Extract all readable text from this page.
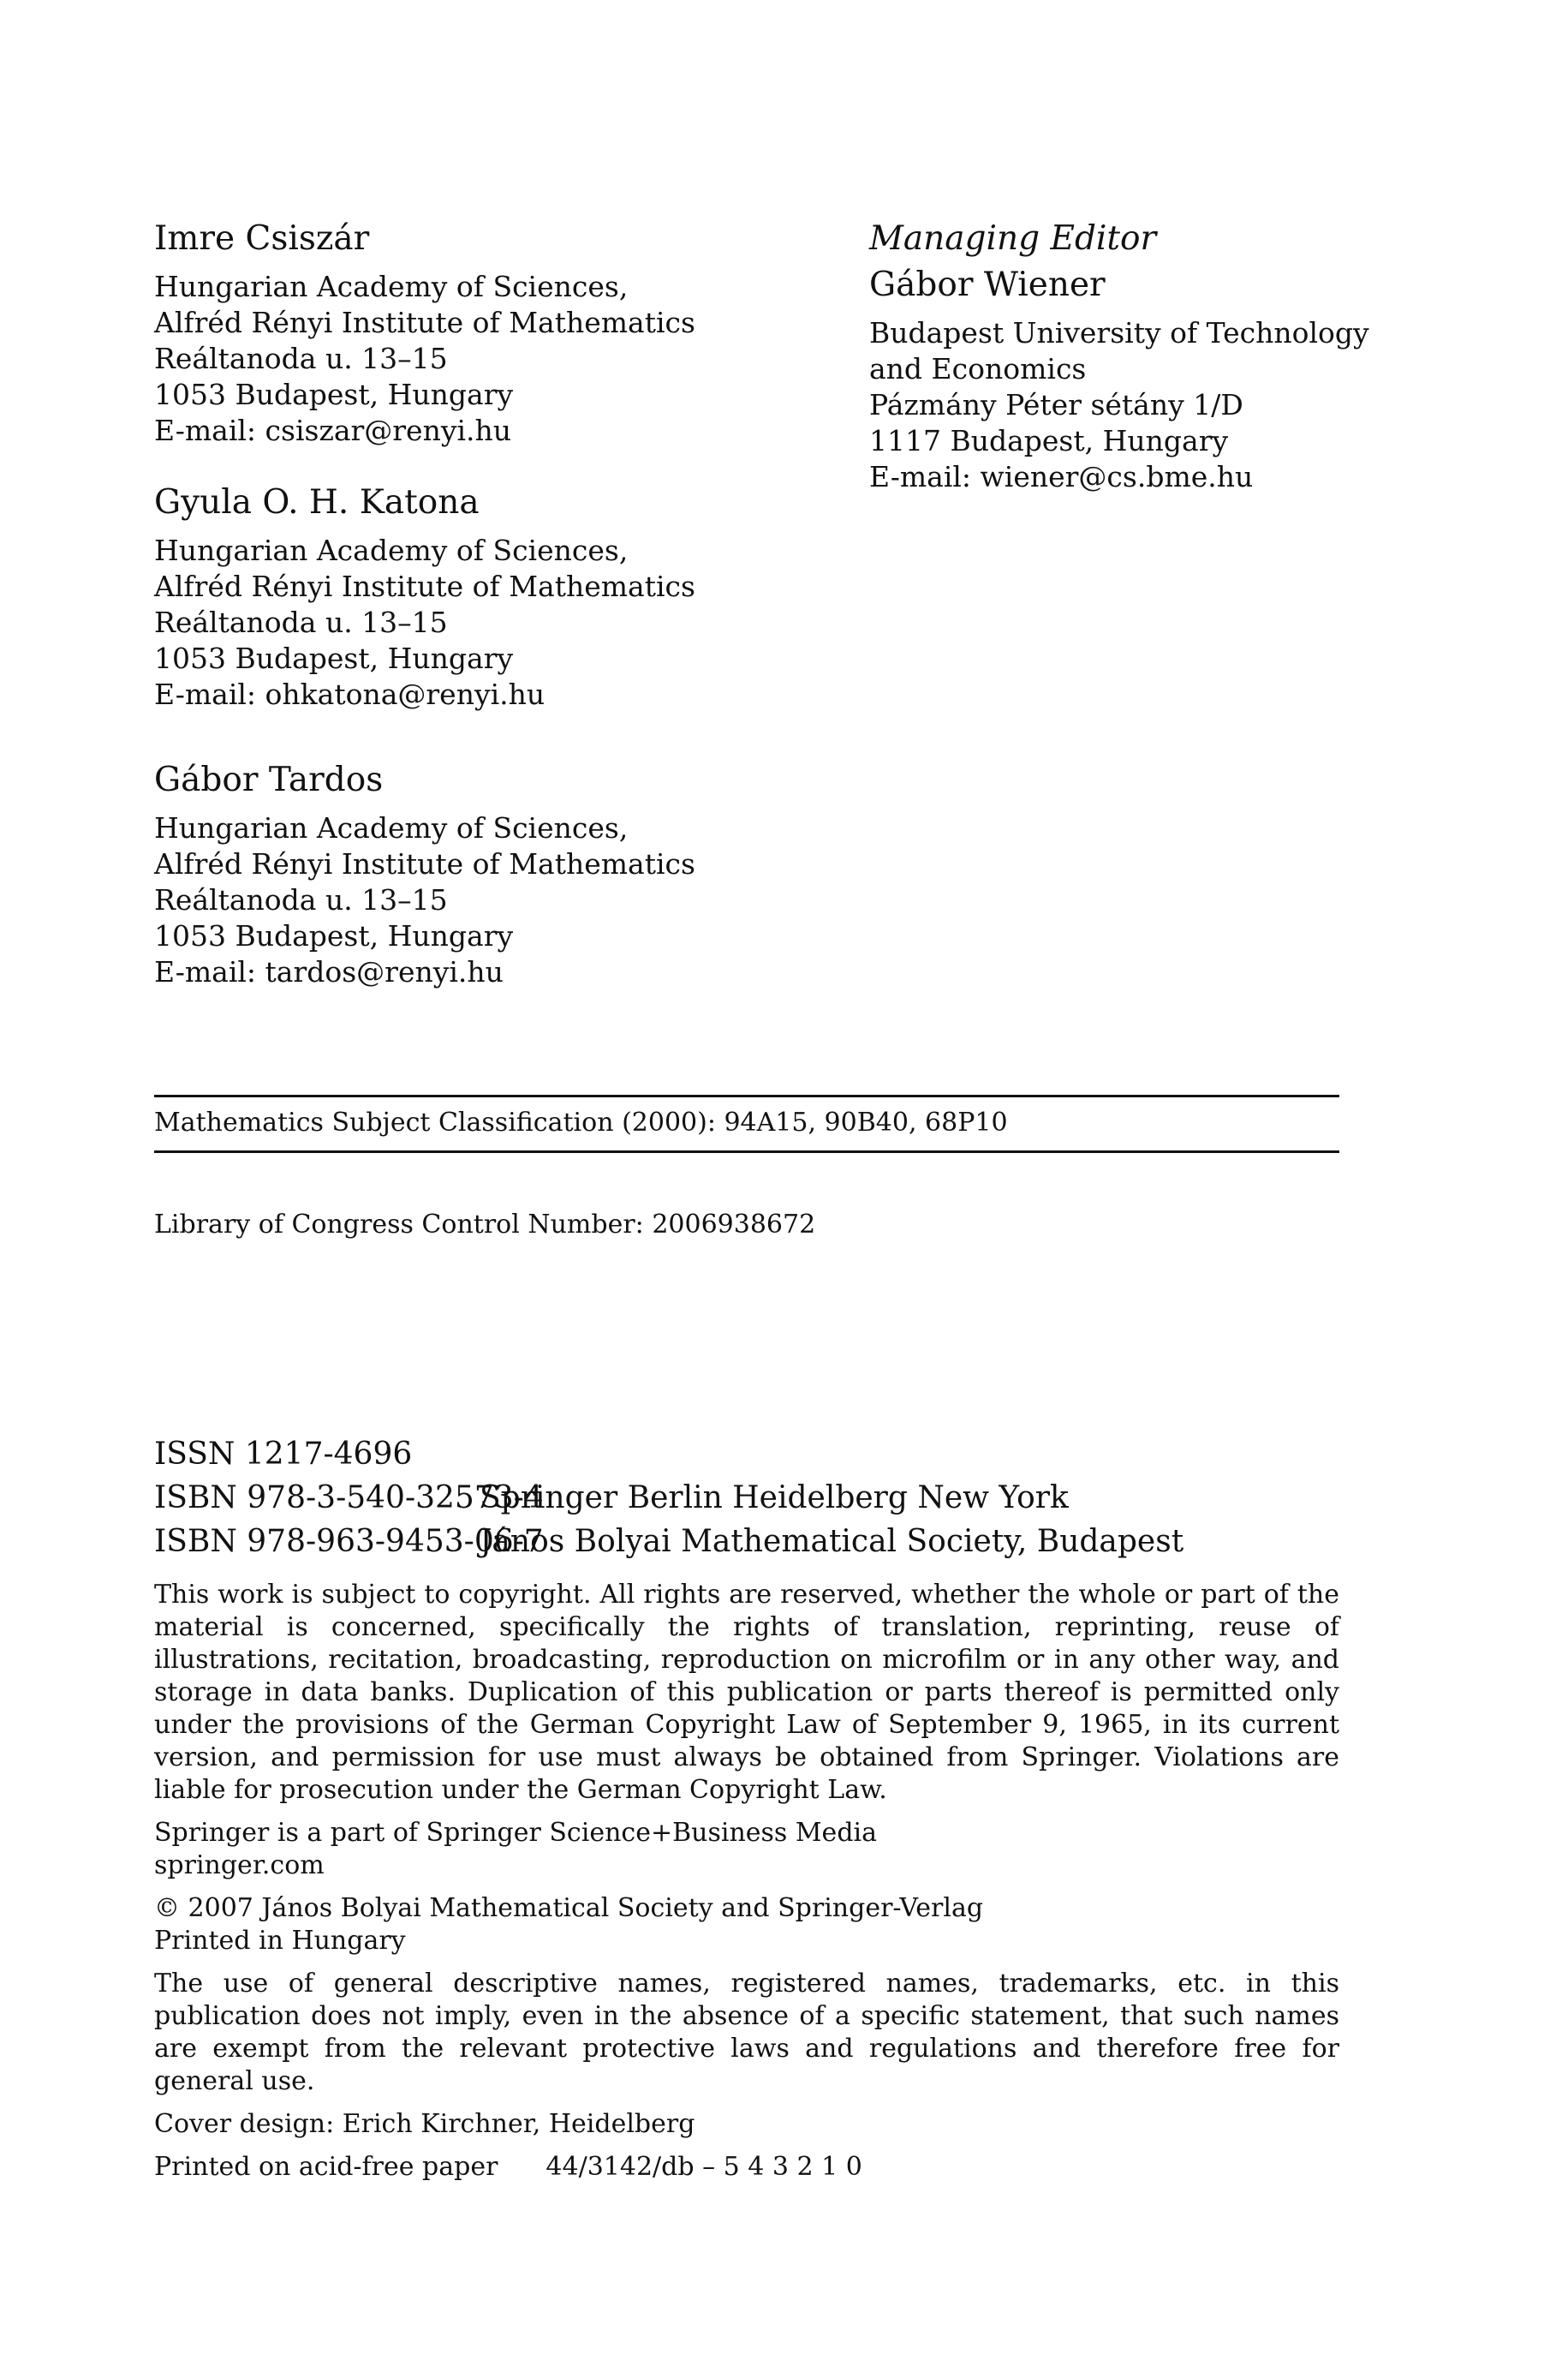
Imre Csiszár
Hungarian Academy of Sciences,
Alfréd Rényi Institute of Mathematics
Reáltanoda u. 13–15
1053 Budapest, Hungary
E-mail: csiszar@renyi.hu
Gyula O. H. Katona
Hungarian Academy of Sciences,
Alfréd Rényi Institute of Mathematics
Reáltanoda u. 13–15
1053 Budapest, Hungary
E-mail: ohkatona@renyi.hu
Gábor Tardos
Hungarian Academy of Sciences,
Alfréd Rényi Institute of Mathematics
Reáltanoda u. 13–15
1053 Budapest, Hungary
E-mail: tardos@renyi.hu
Managing Editor
Gábor Wiener
Budapest University of Technology
and Economics
Pázmány Péter sétány 1/D
1117 Budapest, Hungary
E-mail: wiener@cs.bme.hu
Mathematics Subject Classification (2000): 94A15, 90B40, 68P10
Library of Congress Control Number: 2006938672
ISSN 1217-4696
ISBN 978-3-540-32573-4Springer Berlin Heidelberg New York
ISBN 978-963-9453-06-7János Bolyai Mathematical Society, Budapest

This work is subject to copyright. All rights are reserved, whether the whole or part of the material is concerned, specifically the rights of translation, reprinting, reuse of illustrations, recitation, broadcasting, reproduction on microfilm or in any other way, and storage in data banks. Duplication of this publication or parts thereof is permitted only under the provisions of the German Copyright Law of September 9, 1965, in its current version, and permission for use must always be obtained from Springer. Violations are liable for prosecution under the German Copyright Law.

Springer is a part of Springer Science+Business Media
springer.com
© 2007 János Bolyai Mathematical Society and Springer-Verlag
Printed in Hungary

The use of general descriptive names, registered names, trademarks, etc. in this publication does not imply, even in the absence of a specific statement, that such names are exempt from the relevant protective laws and regulations and therefore free for general use.

Cover design: Erich Kirchner, Heidelberg
Printed on acid-free paper 44/3142/db – 5 4 3 2 1 0
